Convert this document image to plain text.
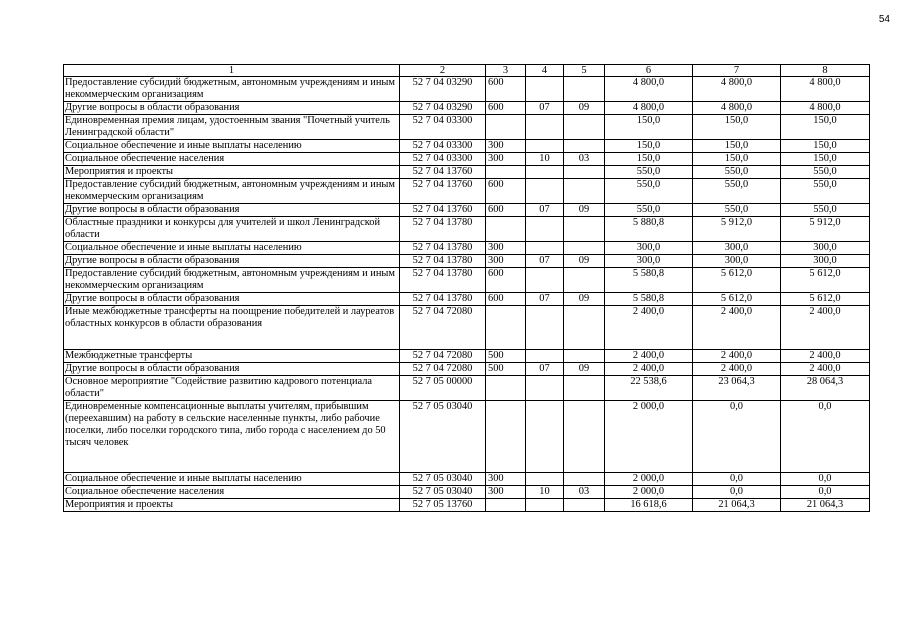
54
1	2	3	4	5	6	7	8
Предоставление субсидий бюджетным, автономным учреждениям и иным некоммерческим организациям	52 7 04 03290	600			4 800,0	4 800,0	4 800,0
Другие вопросы в области образования	52 7 04 03290	600	07	09	4 800,0	4 800,0	4 800,0
Единовременная премия лицам, удостоенным звания "Почетный учитель Ленинградской области"	52 7 04 03300				150,0	150,0	150,0
Социальное обеспечение и иные выплаты населению	52 7 04 03300	300			150,0	150,0	150,0
Социальное обеспечение населения	52 7 04 03300	300	10	03	150,0	150,0	150,0
Мероприятия и проекты	52 7 04 13760				550,0	550,0	550,0
Предоставление субсидий бюджетным, автономным учреждениям и иным некоммерческим организациям	52 7 04 13760	600			550,0	550,0	550,0
Другие вопросы в области образования	52 7 04 13760	600	07	09	550,0	550,0	550,0
Областные праздники и конкурсы для учителей и школ Ленинградской области	52 7 04 13780				5 880,8	5 912,0	5 912,0
Социальное обеспечение и иные выплаты населению	52 7 04 13780	300			300,0	300,0	300,0
Другие вопросы в области образования	52 7 04 13780	300	07	09	300,0	300,0	300,0
Предоставление субсидий бюджетным, автономным учреждениям и иным некоммерческим организациям	52 7 04 13780	600			5 580,8	5 612,0	5 612,0
Другие вопросы в области образования	52 7 04 13780	600	07	09	5 580,8	5 612,0	5 612,0
Иные межбюджетные трансферты на поощрение победителей и лауреатов областных конкурсов в области образования	52 7 04 72080				2 400,0	2 400,0	2 400,0
Межбюджетные трансферты	52 7 04 72080	500			2 400,0	2 400,0	2 400,0
Другие вопросы в области образования	52 7 04 72080	500	07	09	2 400,0	2 400,0	2 400,0
Основное мероприятие "Содействие развитию кадрового потенциала области"	52 7 05 00000				22 538,6	23 064,3	28 064,3
Единовременные компенсационные выплаты учителям, прибывшим (переехавшим) на работу в сельские населенные пункты, либо рабочие поселки, либо поселки городского типа, либо города с населением до 50 тысяч человек	52 7 05 03040				2 000,0	0,0	0,0
Социальное обеспечение и иные выплаты населению	52 7 05 03040	300			2 000,0	0,0	0,0
Социальное обеспечение населения	52 7 05 03040	300	10	03	2 000,0	0,0	0,0
Мероприятия и проекты	52 7 05 13760				16 618,6	21 064,3	21 064,3
